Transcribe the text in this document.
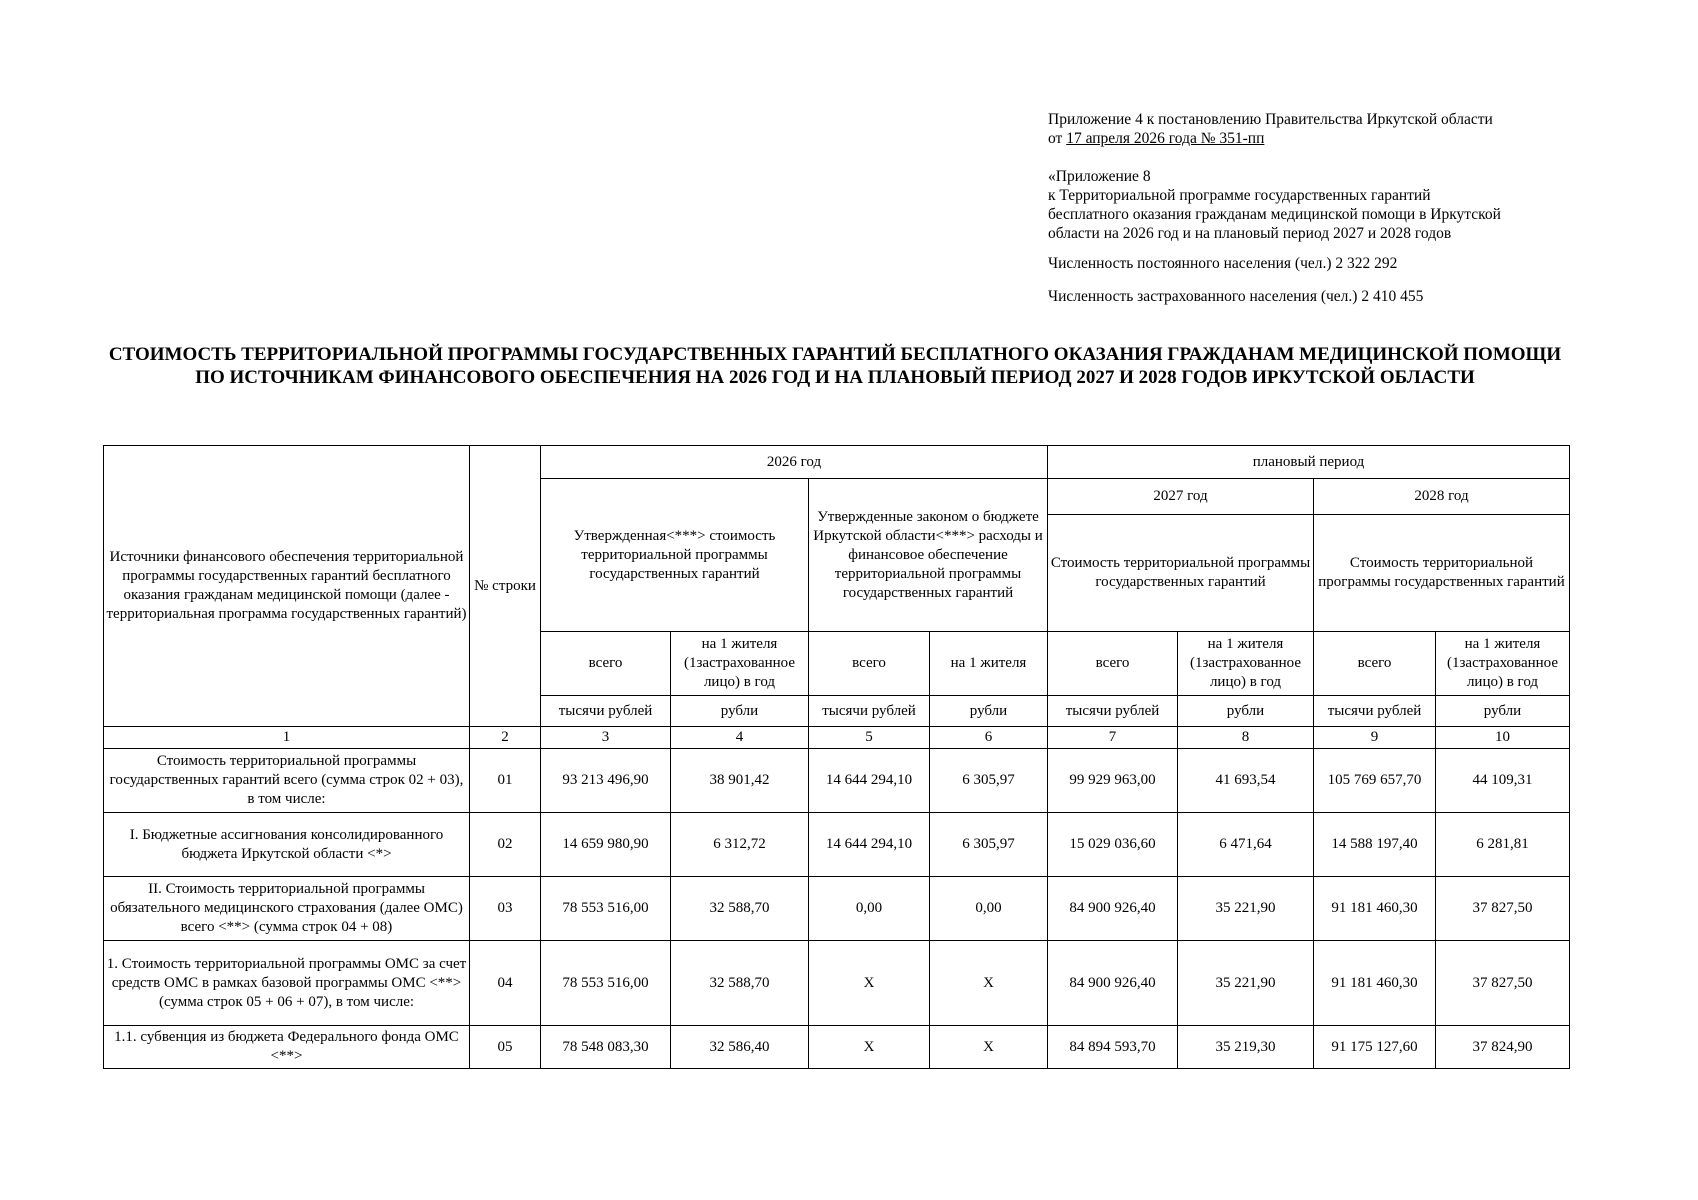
Приложение 4 к постановлению Правительства Иркутской области

от 17 апреля 2026 года № 351-пп

«Приложение 8

к Территориальной программе государственных гарантий

бесплатного оказания гражданам медицинской помощи в Иркутской

области на 2026 год и на плановый период 2027 и 2028 годов

Численность постоянного населения (чел.) 2 322 292

Численность застрахованного населения (чел.) 2 410 455

СТОИМОСТЬ ТЕРРИТОРИАЛЬНОЙ ПРОГРАММЫ ГОСУДАРСТВЕННЫХ ГАРАНТИЙ БЕСПЛАТНОГО ОКАЗАНИЯ ГРАЖДАНАМ МЕДИЦИНСКОЙ ПОМОЩИ ПО ИСТОЧНИКАМ ФИНАНСОВОГО ОБЕСПЕЧЕНИЯ НА 2026 ГОД И НА ПЛАНОВЫЙ ПЕРИОД 2027 И 2028 ГОДОВ ИРКУТСКОЙ ОБЛАСТИ
Источники финансового обеспечения территориальной программы государственных гарантий бесплатного оказания гражданам медицинской помощи (далее - территориальная программа государственных гарантий)	№ строки	2026 год				плановый период			
		Утвержденная<***> стоимость территориальной программы государственных гарантий		Утвержденные законом о бюджете Иркутской области<***> расходы и финансовое обеспечение территориальной программы государственных гарантий		2027 год		2028 год	
						Стоимость территориальной программы государственных гарантий		Стоимость территориальной программы государственных гарантий	
		всего	на 1 жителя (1застрахованное лицо) в год	всего	на 1 жителя	всего	на 1 жителя (1застрахованное лицо) в год	всего	на 1 жителя (1застрахованное лицо) в год
		тысячи рублей	рубли	тысячи рублей	рубли	тысячи рублей	рубли	тысячи рублей	рубли
1	2	3	4	5	6	7	8	9	10
Стоимость территориальной программы государственных гарантий всего (сумма строк 02 + 03), в том числе:	01	93 213 496,90	38 901,42	14 644 294,10	6 305,97	99 929 963,00	41 693,54	105 769 657,70	44 109,31
I. Бюджетные ассигнования консолидированного бюджета Иркутской области <*>	02	14 659 980,90	6 312,72	14 644 294,10	6 305,97	15 029 036,60	6 471,64	14 588 197,40	6 281,81
II. Стоимость территориальной программы обязательного медицинского страхования (далее ОМС) всего <**> (сумма строк 04 + 08)	03	78 553 516,00	32 588,70	0,00	0,00	84 900 926,40	35 221,90	91 181 460,30	37 827,50
1. Стоимость территориальной программы ОМС за счет средств ОМС в рамках базовой программы ОМС <**> (сумма строк 05 + 06 + 07), в том числе:	04	78 553 516,00	32 588,70	X	X	84 900 926,40	35 221,90	91 181 460,30	37 827,50
1.1. субвенция из бюджета Федерального фонда ОМС <**>	05	78 548 083,30	32 586,40	X	X	84 894 593,70	35 219,30	91 175 127,60	37 824,90
